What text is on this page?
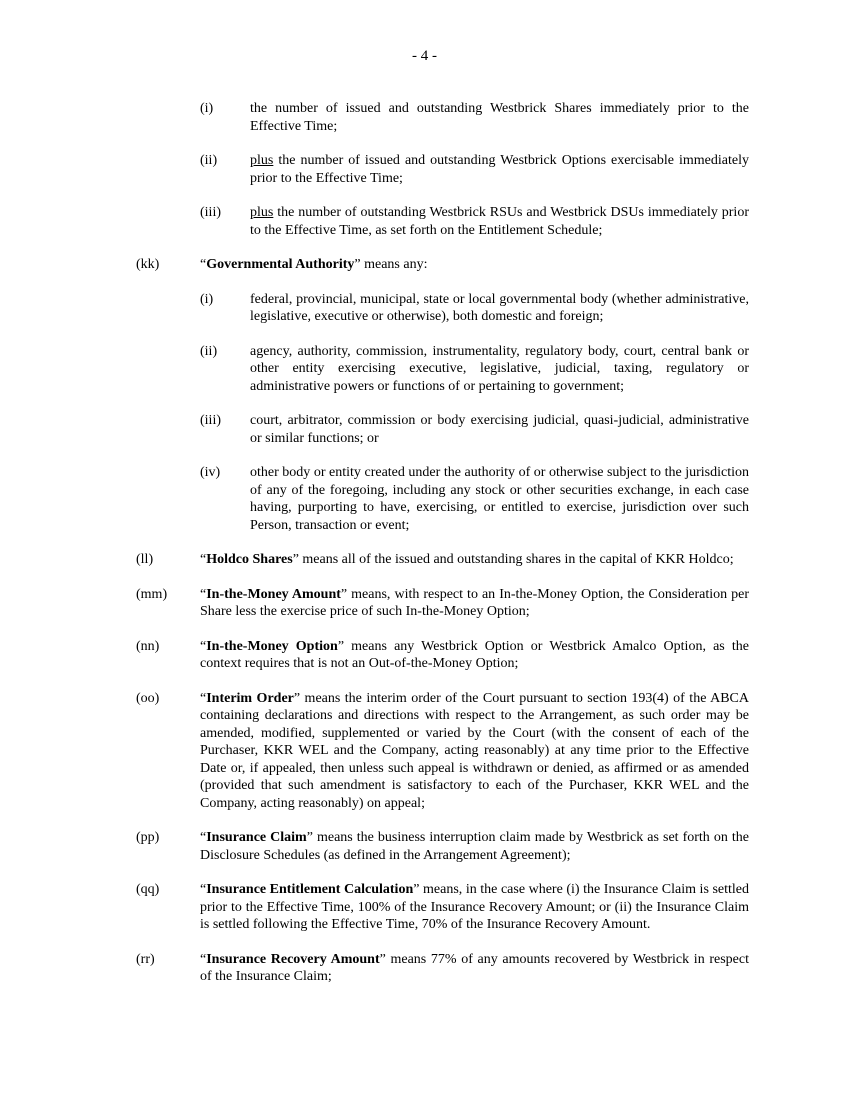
- 4 -
(i)	the number of issued and outstanding Westbrick Shares immediately prior to the Effective Time;
(ii) plus the number of issued and outstanding Westbrick Options exercisable immediately prior to the Effective Time;
(iii) plus the number of outstanding Westbrick RSUs and Westbrick DSUs immediately prior to the Effective Time, as set forth on the Entitlement Schedule;
(kk)	“Governmental Authority” means any:
(i)	federal, provincial, municipal, state or local governmental body (whether administrative, legislative, executive or otherwise), both domestic and foreign;
(ii) agency, authority, commission, instrumentality, regulatory body, court, central bank or other entity exercising executive, legislative, judicial, taxing, regulatory or administrative powers or functions of or pertaining to government;
(iii) court, arbitrator, commission or body exercising judicial, quasi-judicial, administrative or similar functions; or
(iv) other body or entity created under the authority of or otherwise subject to the jurisdiction of any of the foregoing, including any stock or other securities exchange, in each case having, purporting to have, exercising, or entitled to exercise, jurisdiction over such Person, transaction or event;
(ll)	“Holdco Shares” means all of the issued and outstanding shares in the capital of KKR Holdco;
(mm) “In-the-Money Amount” means, with respect to an In-the-Money Option, the Consideration per Share less the exercise price of such In-the-Money Option;
(nn)	“In-the-Money Option” means any Westbrick Option or Westbrick Amalco Option, as the context requires that is not an Out-of-the-Money Option;
(oo)	“Interim Order” means the interim order of the Court pursuant to section 193(4) of the ABCA containing declarations and directions with respect to the Arrangement, as such order may be amended, modified, supplemented or varied by the Court (with the consent of each of the Purchaser, KKR WEL and the Company, acting reasonably) at any time prior to the Effective Date or, if appealed, then unless such appeal is withdrawn or denied, as affirmed or as amended (provided that such amendment is satisfactory to each of the Purchaser, KKR WEL and the Company, acting reasonably) on appeal;
(pp)	“Insurance Claim” means the business interruption claim made by Westbrick as set forth on the Disclosure Schedules (as defined in the Arrangement Agreement);
(qq)	“Insurance Entitlement Calculation” means, in the case where (i) the Insurance Claim is settled prior to the Effective Time, 100% of the Insurance Recovery Amount; or (ii) the Insurance Claim is settled following the Effective Time, 70% of the Insurance Recovery Amount.
(rr)	“Insurance Recovery Amount” means 77% of any amounts recovered by Westbrick in respect of the Insurance Claim;
